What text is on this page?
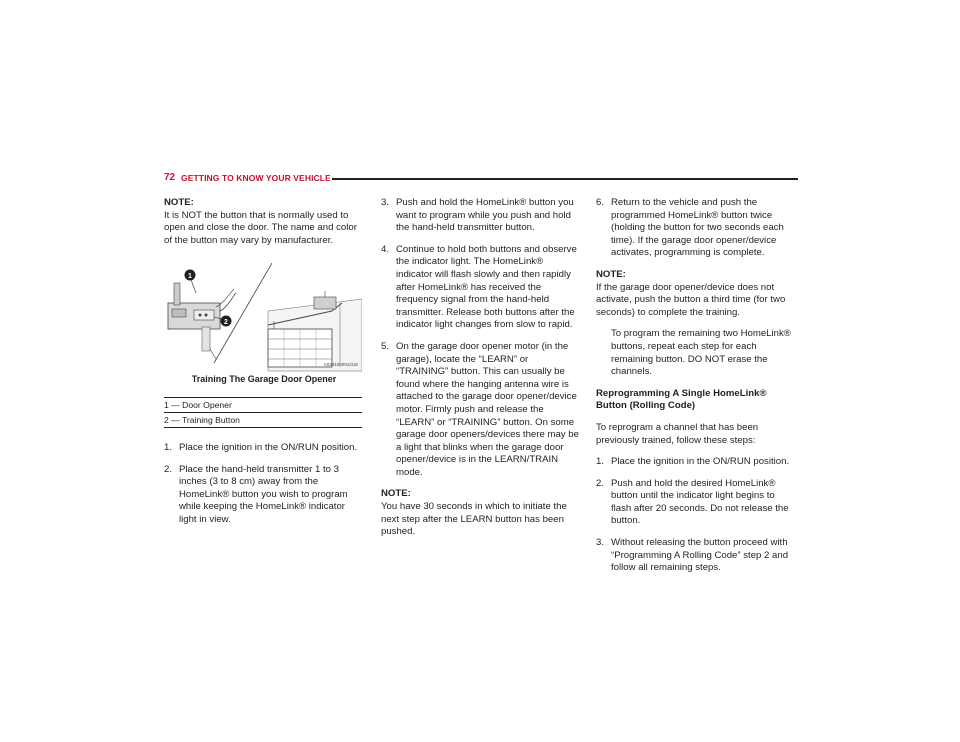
72 GETTING TO KNOW YOUR VEHICLE

NOTE:

It is NOT the button that is normally used to open and close the door. The name and color of the button may vary by manufacturer.

1
2
A0341000012US

Training The Garage Door Opener

1 — Door Opener
2 — Training Button
1. Place the ignition in the ON/RUN position.
2. Place the hand-held transmitter 1 to 3 inches (3 to 8 cm) away from the HomeLink® button you wish to program while keeping the HomeLink® indicator light in view.
3. Push and hold the HomeLink® button you want to program while you push and hold the hand-held transmitter button.
4. Continue to hold both buttons and observe the indicator light. The HomeLink® indicator will flash slowly and then rapidly after HomeLink® has received the frequency signal from the hand-held transmitter. Release both buttons after the indicator light changes from slow to rapid.
5. On the garage door opener motor (in the garage), locate the “LEARN” or “TRAINING” button. This can usually be found where the hanging antenna wire is attached to the garage door opener/device motor. Firmly push and release the “LEARN” or “TRAINING” button. On some garage door openers/devices there may be a light that blinks when the garage door opener/device is in the LEARN/TRAIN mode.

NOTE:

You have 30 seconds in which to initiate the next step after the LEARN button has been pushed.

6. Return to the vehicle and push the programmed HomeLink® button twice (holding the button for two seconds each time). If the garage door opener/device activates, programming is complete.

NOTE:

If the garage door opener/device does not activate, push the button a third time (for two seconds) to complete the training.

To program the remaining two HomeLink® buttons, repeat each step for each remaining button. DO NOT erase the channels.

Reprogramming A Single HomeLink® Button (Rolling Code)

To reprogram a channel that has been previously trained, follow these steps:

1. Place the ignition in the ON/RUN position.
2. Push and hold the desired HomeLink® button until the indicator light begins to flash after 20 seconds. Do not release the button.
3. Without releasing the button proceed with “Programming A Rolling Code” step 2 and follow all remaining steps.
